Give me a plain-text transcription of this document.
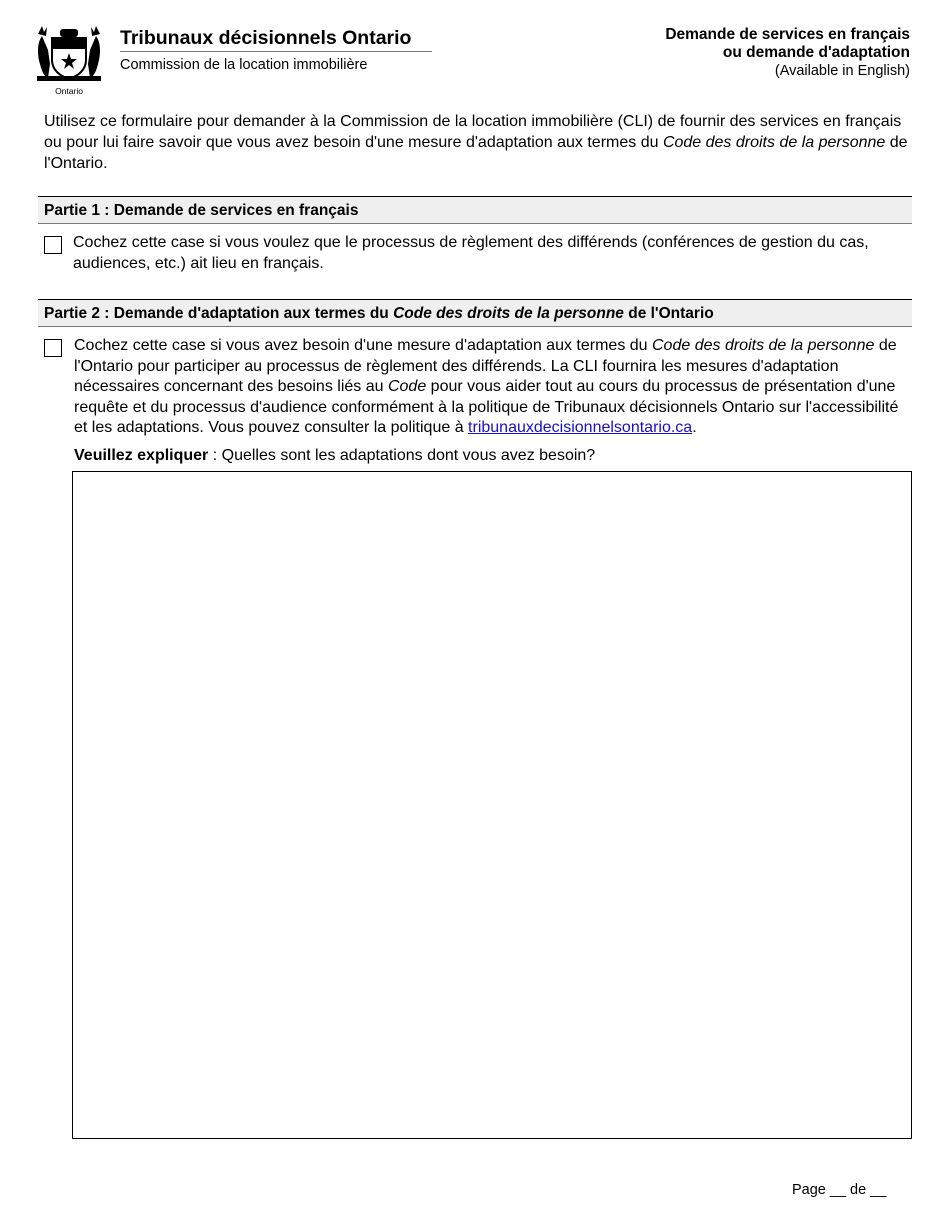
Ontario
Tribunaux décisionnels Ontario
Commission de la location immobilière
Demande de services en français
ou demande d'adaptation
(Available in English)
Utilisez ce formulaire pour demander à la Commission de la location immobilière (CLI) de fournir des services en français ou pour lui faire savoir que vous avez besoin d'une mesure d'adaptation aux termes du Code des droits de la personne de l'Ontario.
Partie 1 : Demande de services en français
Cochez cette case si vous voulez que le processus de règlement des différends (conférences de gestion du cas, audiences, etc.) ait lieu en français.
Partie 2 : Demande d'adaptation aux termes du Code des droits de la personne de l'Ontario
Cochez cette case si vous avez besoin d'une mesure d'adaptation aux termes du Code des droits de la personne de l'Ontario pour participer au processus de règlement des différends. La CLI fournira les mesures d'adaptation nécessaires concernant des besoins liés au Code pour vous aider tout au cours du processus de présentation d'une requête et du processus d'audience conformément à la politique de Tribunaux décisionnels Ontario sur l'accessibilité et les adaptations. Vous pouvez consulter la politique à tribunauxdecisionnelsontario.ca.
Veuillez expliquer : Quelles sont les adaptations dont vous avez besoin?
Page __ de __
